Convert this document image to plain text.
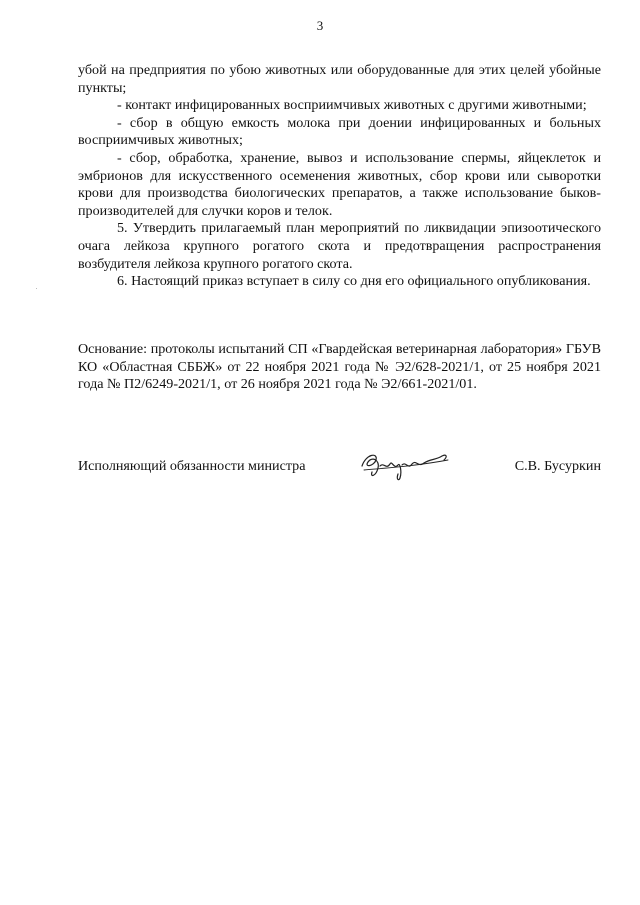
3

убой на предприятия по убою животных или оборудованные для этих целей убойные пункты;

- контакт инфицированных восприимчивых животных с другими животными;

- сбор в общую емкость молока при доении инфицированных и больных восприимчивых животных;

- сбор, обработка, хранение, вывоз и использование спермы, яйцеклеток и эмбрионов для искусственного осеменения животных, сбор крови или сыворотки крови для производства биологических препаратов, а также использование быков-производителей для случки коров и телок.

5. Утвердить прилагаемый план мероприятий по ликвидации эпизоотического очага лейкоза крупного рогатого скота и предотвращения распространения возбудителя лейкоза крупного рогатого скота.

6. Настоящий приказ вступает в силу со дня его официального опубликования.

Основание: протоколы испытаний СП «Гвардейская ветеринарная лаборатория» ГБУВ КО «Областная СББЖ» от 22 ноября 2021 года № Э2/628-2021/1, от 25 ноября 2021 года № П2/6249-2021/1, от 26 ноября 2021 года № Э2/661-2021/01.
Исполняющий обязанности министра	С.В. Бусуркин
